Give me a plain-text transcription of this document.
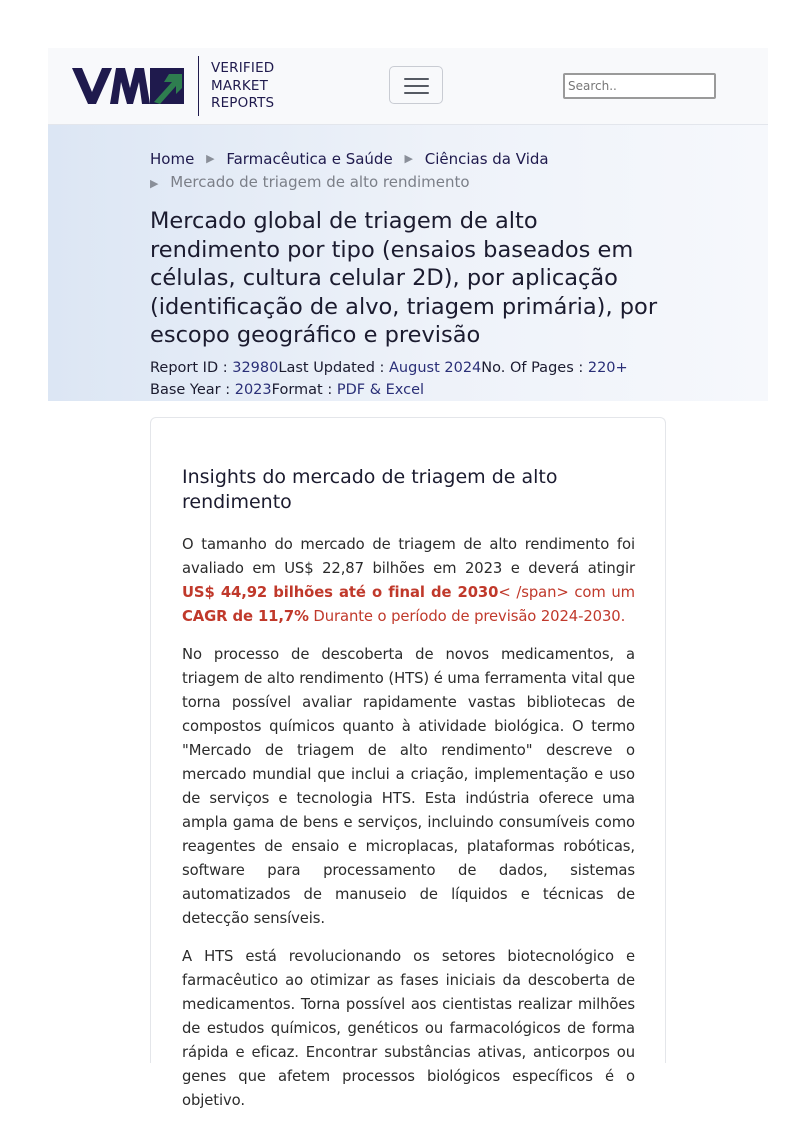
VERIFIED
MARKET
REPORTS
Search..
Home ▶ Farmacêutica e Saúde ▶ Ciências da Vida
▶ Mercado de triagem de alto rendimento
Mercado global de triagem de alto rendimento por tipo (ensaios baseados em células, cultura celular 2D), por aplicação (identificação de alvo, triagem primária), por escopo geográfico e previsão
Report ID : 32980Last Updated : August 2024No. Of Pages : 220+
Base Year : 2023Format : PDF & Excel
Insights do mercado de triagem de alto rendimento

O tamanho do mercado de triagem de alto rendimento foi avaliado em US$ 22,87 bilhões em 2023 e deverá atingir US$ 44,92 bilhões até o final de 2030< /span> com um CAGR de 11,7% Durante o período de previsão 2024-2030.

No processo de descoberta de novos medicamentos, a triagem de alto rendimento (HTS) é uma ferramenta vital que torna possível avaliar rapidamente vastas bibliotecas de compostos químicos quanto à atividade biológica. O termo "Mercado de triagem de alto rendimento" descreve o mercado mundial que inclui a criação, implementação e uso de serviços e tecnologia HTS. Esta indústria oferece uma ampla gama de bens e serviços, incluindo consumíveis como reagentes de ensaio e microplacas, plataformas robóticas, software para processamento de dados, sistemas automatizados de manuseio de líquidos e técnicas de detecção sensíveis.

A HTS está revolucionando os setores biotecnológico e farmacêutico ao otimizar as fases iniciais da descoberta de medicamentos. Torna possível aos cientistas realizar milhões de estudos químicos, genéticos ou farmacológicos de forma rápida e eficaz. Encontrar substâncias ativas, anticorpos ou genes que afetem processos biológicos específicos é o objetivo.
